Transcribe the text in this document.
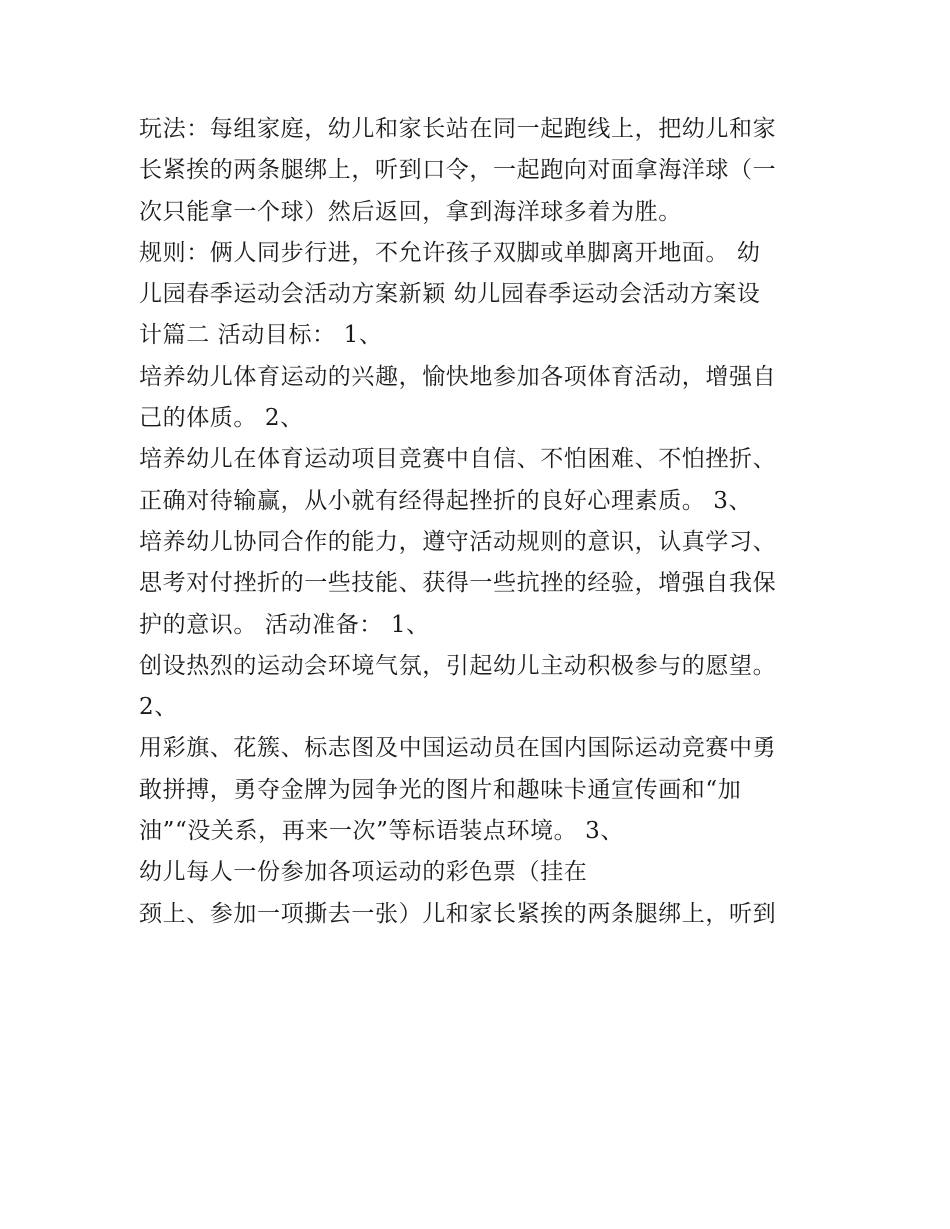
玩法：每组家庭，幼儿和家长站在同一起跑线上，把幼儿和家
长紧挨的两条腿绑上，听到口令，一起跑向对面拿海洋球（一
次只能拿一个球）然后返回，拿到海洋球多着为胜。
规则：俩人同步行进，不允许孩子双脚或单脚离开地面。 幼
儿园春季运动会活动方案新颖 幼儿园春季运动会活动方案设
计篇二 活动目标： 1、
培养幼儿体育运动的兴趣，愉快地参加各项体育活动，增强自
己的体质。 2、
培养幼儿在体育运动项目竞赛中自信、不怕困难、不怕挫折、
正确对待输赢，从小就有经得起挫折的良好心理素质。 3、
培养幼儿协同合作的能力，遵守活动规则的意识，认真学习、
思考对付挫折的一些技能、获得一些抗挫的经验，增强自我保
护的意识。 活动准备： 1、
创设热烈的运动会环境气氛，引起幼儿主动积极参与的愿望。
2、
用彩旗、花簇、标志图及中国运动员在国内国际运动竞赛中勇
敢拼搏，勇夺金牌为园争光的图片和趣味卡通宣传画和“加
油”“没关系，再来一次”等标语装点环境。 3、
幼儿每人一份参加各项运动的彩色票（挂在
颈上、参加一项撕去一张）儿和家长紧挨的两条腿绑上，听到
